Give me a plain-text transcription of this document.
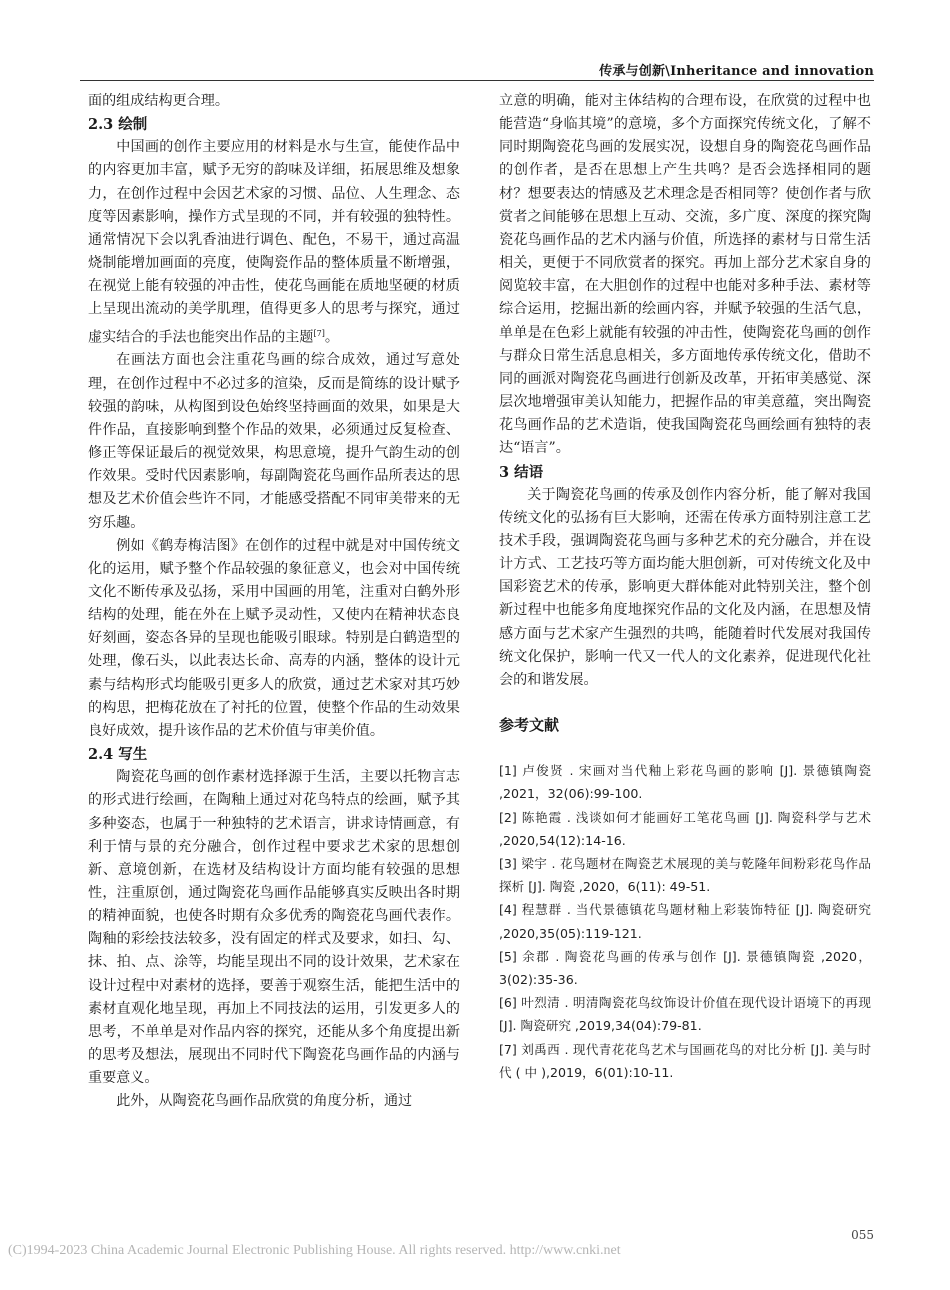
传承与创新\Inheritance and innovation

面的组成结构更合理。

2.3 绘制

中国画的创作主要应用的材料是水与生宣，能使作品中的内容更加丰富，赋予无穷的韵味及详细，拓展思维及想象力，在创作过程中会因艺术家的习惯、品位、人生理念、态度等因素影响，操作方式呈现的不同，并有较强的独特性。通常情况下会以乳香油进行调色、配色，不易干，通过高温烧制能增加画面的亮度，使陶瓷作品的整体质量不断增强，在视觉上能有较强的冲击性，使花鸟画能在质地坚硬的材质上呈现出流动的美学肌理，值得更多人的思考与探究，通过虚实结合的手法也能突出作品的主题[7]。

在画法方面也会注重花鸟画的综合成效，通过写意处理，在创作过程中不必过多的渲染，反而是简练的设计赋予较强的韵味，从构图到设色始终坚持画面的效果，如果是大件作品，直接影响到整个作品的效果，必须通过反复检查、修正等保证最后的视觉效果，构思意境，提升气韵生动的创作效果。受时代因素影响，每副陶瓷花鸟画作品所表达的思想及艺术价值会些许不同，才能感受搭配不同审美带来的无穷乐趣。

例如《鹤寿梅洁图》在创作的过程中就是对中国传统文化的运用，赋予整个作品较强的象征意义，也会对中国传统文化不断传承及弘扬，采用中国画的用笔，注重对白鹤外形结构的处理，能在外在上赋予灵动性，又使内在精神状态良好刻画，姿态各异的呈现也能吸引眼球。特别是白鹤造型的处理，像石头，以此表达长命、高寿的内涵，整体的设计元素与结构形式均能吸引更多人的欣赏，通过艺术家对其巧妙的构思，把梅花放在了衬托的位置，使整个作品的生动效果良好成效，提升该作品的艺术价值与审美价值。

2.4 写生

陶瓷花鸟画的创作素材选择源于生活，主要以托物言志的形式进行绘画，在陶釉上通过对花鸟特点的绘画，赋予其多种姿态，也属于一种独特的艺术语言，讲求诗情画意，有利于情与景的充分融合，创作过程中要求艺术家的思想创新、意境创新，在选材及结构设计方面均能有较强的思想性，注重原创，通过陶瓷花鸟画作品能够真实反映出各时期的精神面貌，也使各时期有众多优秀的陶瓷花鸟画代表作。陶釉的彩绘技法较多，没有固定的样式及要求，如扫、勾、抹、拍、点、涂等，均能呈现出不同的设计效果，艺术家在设计过程中对素材的选择，要善于观察生活，能把生活中的素材直观化地呈现，再加上不同技法的运用，引发更多人的思考，不单单是对作品内容的探究，还能从多个角度提出新的思考及想法，展现出不同时代下陶瓷花鸟画作品的内涵与重要意义。

此外，从陶瓷花鸟画作品欣赏的角度分析，通过

立意的明确，能对主体结构的合理布设，在欣赏的过程中也能营造“身临其境”的意境，多个方面探究传统文化，了解不同时期陶瓷花鸟画的发展实况，设想自身的陶瓷花鸟画作品的创作者，是否在思想上产生共鸣？是否会选择相同的题材？想要表达的情感及艺术理念是否相同等？使创作者与欣赏者之间能够在思想上互动、交流，多广度、深度的探究陶瓷花鸟画作品的艺术内涵与价值，所选择的素材与日常生活相关，更便于不同欣赏者的探究。再加上部分艺术家自身的阅览较丰富，在大胆创作的过程中也能对多种手法、素材等综合运用，挖掘出新的绘画内容，并赋予较强的生活气息，单单是在色彩上就能有较强的冲击性，使陶瓷花鸟画的创作与群众日常生活息息相关，多方面地传承传统文化，借助不同的画派对陶瓷花鸟画进行创新及改革，开拓审美感觉、深层次地增强审美认知能力，把握作品的审美意蕴，突出陶瓷花鸟画作品的艺术造诣，使我国陶瓷花鸟画绘画有独特的表达“语言”。

3 结语

关于陶瓷花鸟画的传承及创作内容分析，能了解对我国传统文化的弘扬有巨大影响，还需在传承方面特别注意工艺技术手段，强调陶瓷花鸟画与多种艺术的充分融合，并在设计方式、工艺技巧等方面均能大胆创新，可对传统文化及中国彩瓷艺术的传承，影响更大群体能对此特别关注，整个创新过程中也能多角度地探究作品的文化及内涵，在思想及情感方面与艺术家产生强烈的共鸣，能随着时代发展对我国传统文化保护，影响一代又一代人的文化素养，促进现代化社会的和谐发展。

参考文献
[1] 卢俊贤 . 宋画对当代釉上彩花鸟画的影响 [J]. 景德镇陶瓷 ,2021，32(06):99-100.
[2] 陈艳霞 . 浅谈如何才能画好工笔花鸟画 [J]. 陶瓷科学与艺术 ,2020,54(12):14-16.
[3] 梁宇 . 花鸟题材在陶瓷艺术展现的美与乾隆年间粉彩花鸟作品探析 [J]. 陶瓷 ,2020，6(11): 49-51.
[4] 程慧群 . 当代景德镇花鸟题材釉上彩装饰特征 [J]. 陶瓷研究 ,2020,35(05):119-121.
[5] 余郡 . 陶瓷花鸟画的传承与创作 [J]. 景德镇陶瓷 ,2020，3(02):35-36.
[6] 叶烈清 . 明清陶瓷花鸟纹饰设计价值在现代设计语境下的再现 [J]. 陶瓷研究 ,2019,34(04):79-81.
[7] 刘禹西 . 现代青花花鸟艺术与国画花鸟的对比分析 [J]. 美与时代 ( 中 ),2019，6(01):10-11.
055
(C)1994-2023 China Academic Journal Electronic Publishing House. All rights reserved. http://www.cnki.net
